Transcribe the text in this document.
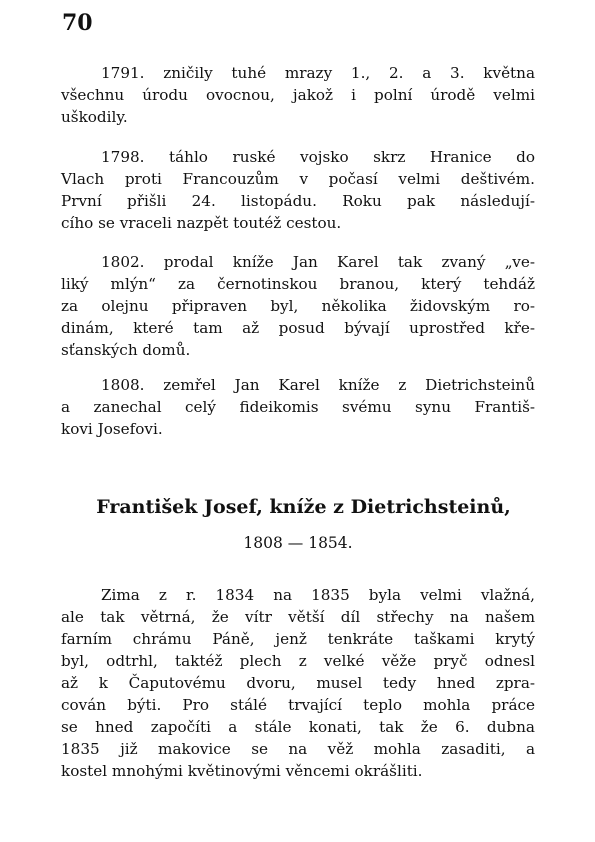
70
1791. zničily tuhé mrazy 1., 2. a 3. května
všechnu úrodu ovocnou, jakož i polní úrodě velmi
uškodily.
1798. táhlo ruské vojsko skrz Hranice do
Vlach proti Francouzům v počasí velmi deštivém.
První přišli 24. listopádu. Roku pak následují-
cího se vraceli nazpět toutéž cestou.
1802. prodal kníže Jan Karel tak zvaný „ve-
liký mlýn“ za černotinskou branou, který tehdáž
za olejnu připraven byl, několika židovským ro-
dinám, které tam až posud bývají uprostřed kře-
sťanských domů.
1808. zemřel Jan Karel kníže z Dietrichsteinů
a zanechal celý fideikomis svému synu Františ-
kovi Josefovi.
František Josef, kníže z Dietrichsteinů,
1808 — 1854.
Zima z r. 1834 na 1835 byla velmi vlažná,
ale tak větrná, že vítr větší díl střechy na našem
farním chrámu Páně, jenž tenkráte taškami krytý
byl, odtrhl, taktéž plech z velké věže pryč odnesl
až k Čaputovému dvoru, musel tedy hned zpra-
cován býti. Pro stálé trvající teplo mohla práce
se hned započíti a stále konati, tak že 6. dubna
1835 již makovice se na věž mohla zasaditi, a
kostel mnohými květinovými věncemi okrášliti.
